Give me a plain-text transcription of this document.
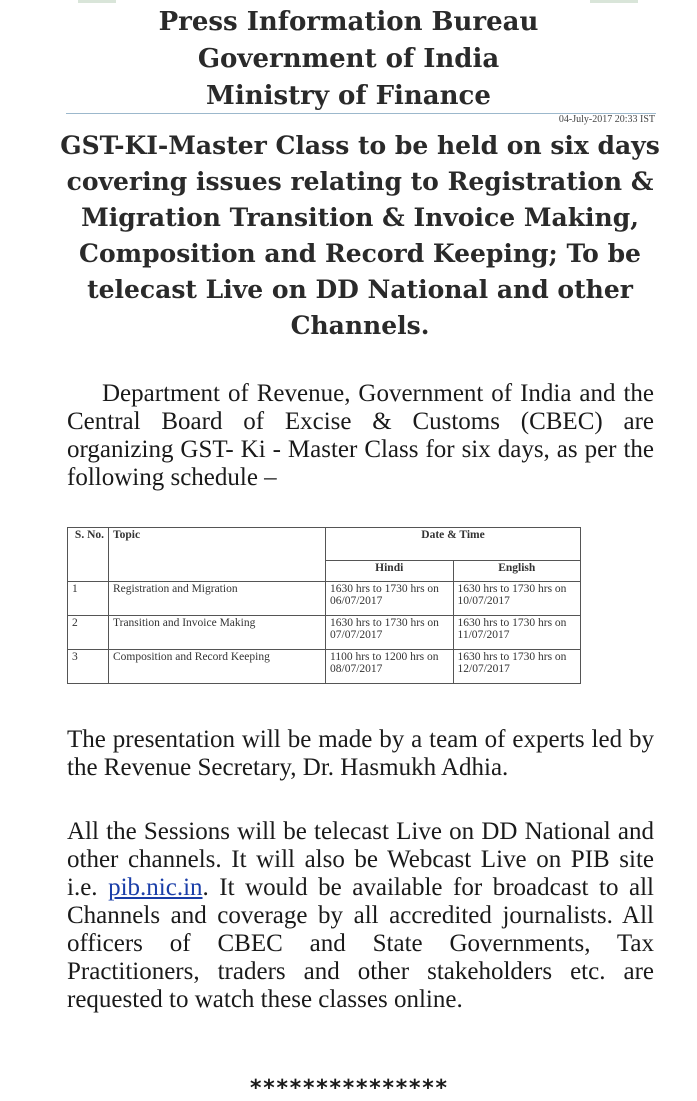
Press Information Bureau
Government of India
Ministry of Finance
04-July-2017 20:33 IST
GST-KI-Master Class to be held on six days covering issues relating to Registration & Migration Transition & Invoice Making, Composition and Record Keeping; To be telecast Live on DD National and other Channels.
Department of Revenue, Government of India and the Central Board of Excise & Customs (CBEC) are organizing GST- Ki - Master Class for six days, as per the following schedule –
S. No.	Topic	Date & Time	
		Hindi	English
1	Registration and Migration	1630 hrs to 1730 hrs on 06/07/2017	1630 hrs to 1730 hrs on 10/07/2017
2	Transition and Invoice Making	1630 hrs to 1730 hrs on 07/07/2017	1630 hrs to 1730 hrs on 11/07/2017
3	Composition and Record Keeping	1100 hrs to 1200 hrs on 08/07/2017	1630 hrs to 1730 hrs on 12/07/2017
The presentation will be made by a team of experts led by the Revenue Secretary, Dr. Hasmukh Adhia.
All the Sessions will be telecast Live on DD National and other channels. It will also be Webcast Live on PIB site i.e. pib.nic.in. It would be available for broadcast to all Channels and coverage by all accredited journalists. All officers of CBEC and State Governments, Tax Practitioners, traders and other stakeholders etc. are requested to watch these classes online.
***************
